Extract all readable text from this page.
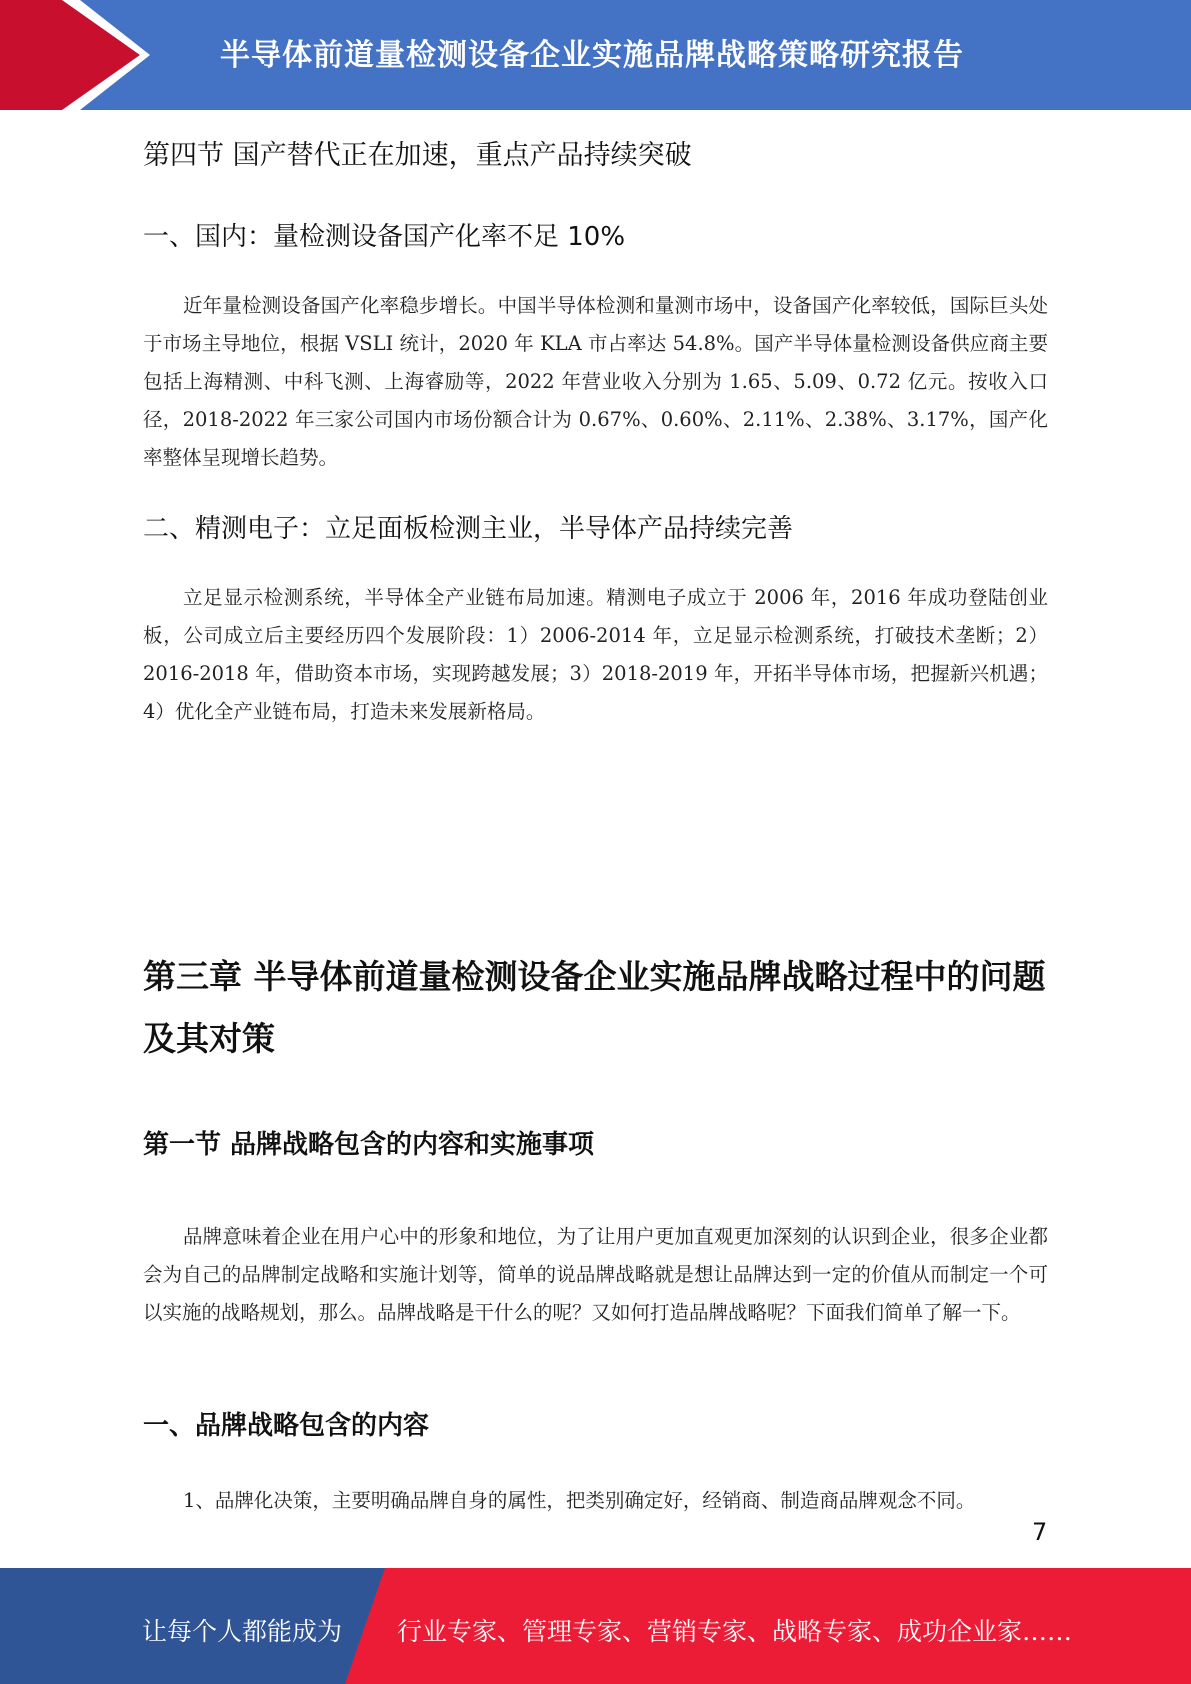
半导体前道量检测设备企业实施品牌战略策略研究报告
第四节 国产替代正在加速，重点产品持续突破
一、国内：量检测设备国产化率不足 10%
近年量检测设备国产化率稳步增长。中国半导体检测和量测市场中，设备国产化率较低，国际巨头处于市场主导地位，根据 VSLI 统计，2020 年 KLA 市占率达 54.8%。国产半导体量检测设备供应商主要包括上海精测、中科飞测、上海睿励等，2022 年营业收入分别为 1.65、5.09、0.72 亿元。按收入口径，2018-2022 年三家公司国内市场份额合计为 0.67%、0.60%、2.11%、2.38%、3.17%，国产化率整体呈现增长趋势。
二、精测电子：立足面板检测主业，半导体产品持续完善
立足显示检测系统，半导体全产业链布局加速。精测电子成立于 2006 年，2016 年成功登陆创业板，公司成立后主要经历四个发展阶段：1）2006-2014 年，立足显示检测系统，打破技术垄断；2）2016-2018 年，借助资本市场，实现跨越发展；3）2018-2019 年，开拓半导体市场，把握新兴机遇；4）优化全产业链布局，打造未来发展新格局。
第三章 半导体前道量检测设备企业实施品牌战略过程中的问题及其对策
第一节 品牌战略包含的内容和实施事项
品牌意味着企业在用户心中的形象和地位，为了让用户更加直观更加深刻的认识到企业，很多企业都会为自己的品牌制定战略和实施计划等，简单的说品牌战略就是想让品牌达到一定的价值从而制定一个可以实施的战略规划，那么。品牌战略是干什么的呢？又如何打造品牌战略呢？下面我们简单了解一下。
一、品牌战略包含的内容
1、品牌化决策，主要明确品牌自身的属性，把类别确定好，经销商、制造商品牌观念不同。
7
让每个人都能成为 行业专家、管理专家、营销专家、战略专家、成功企业家……
